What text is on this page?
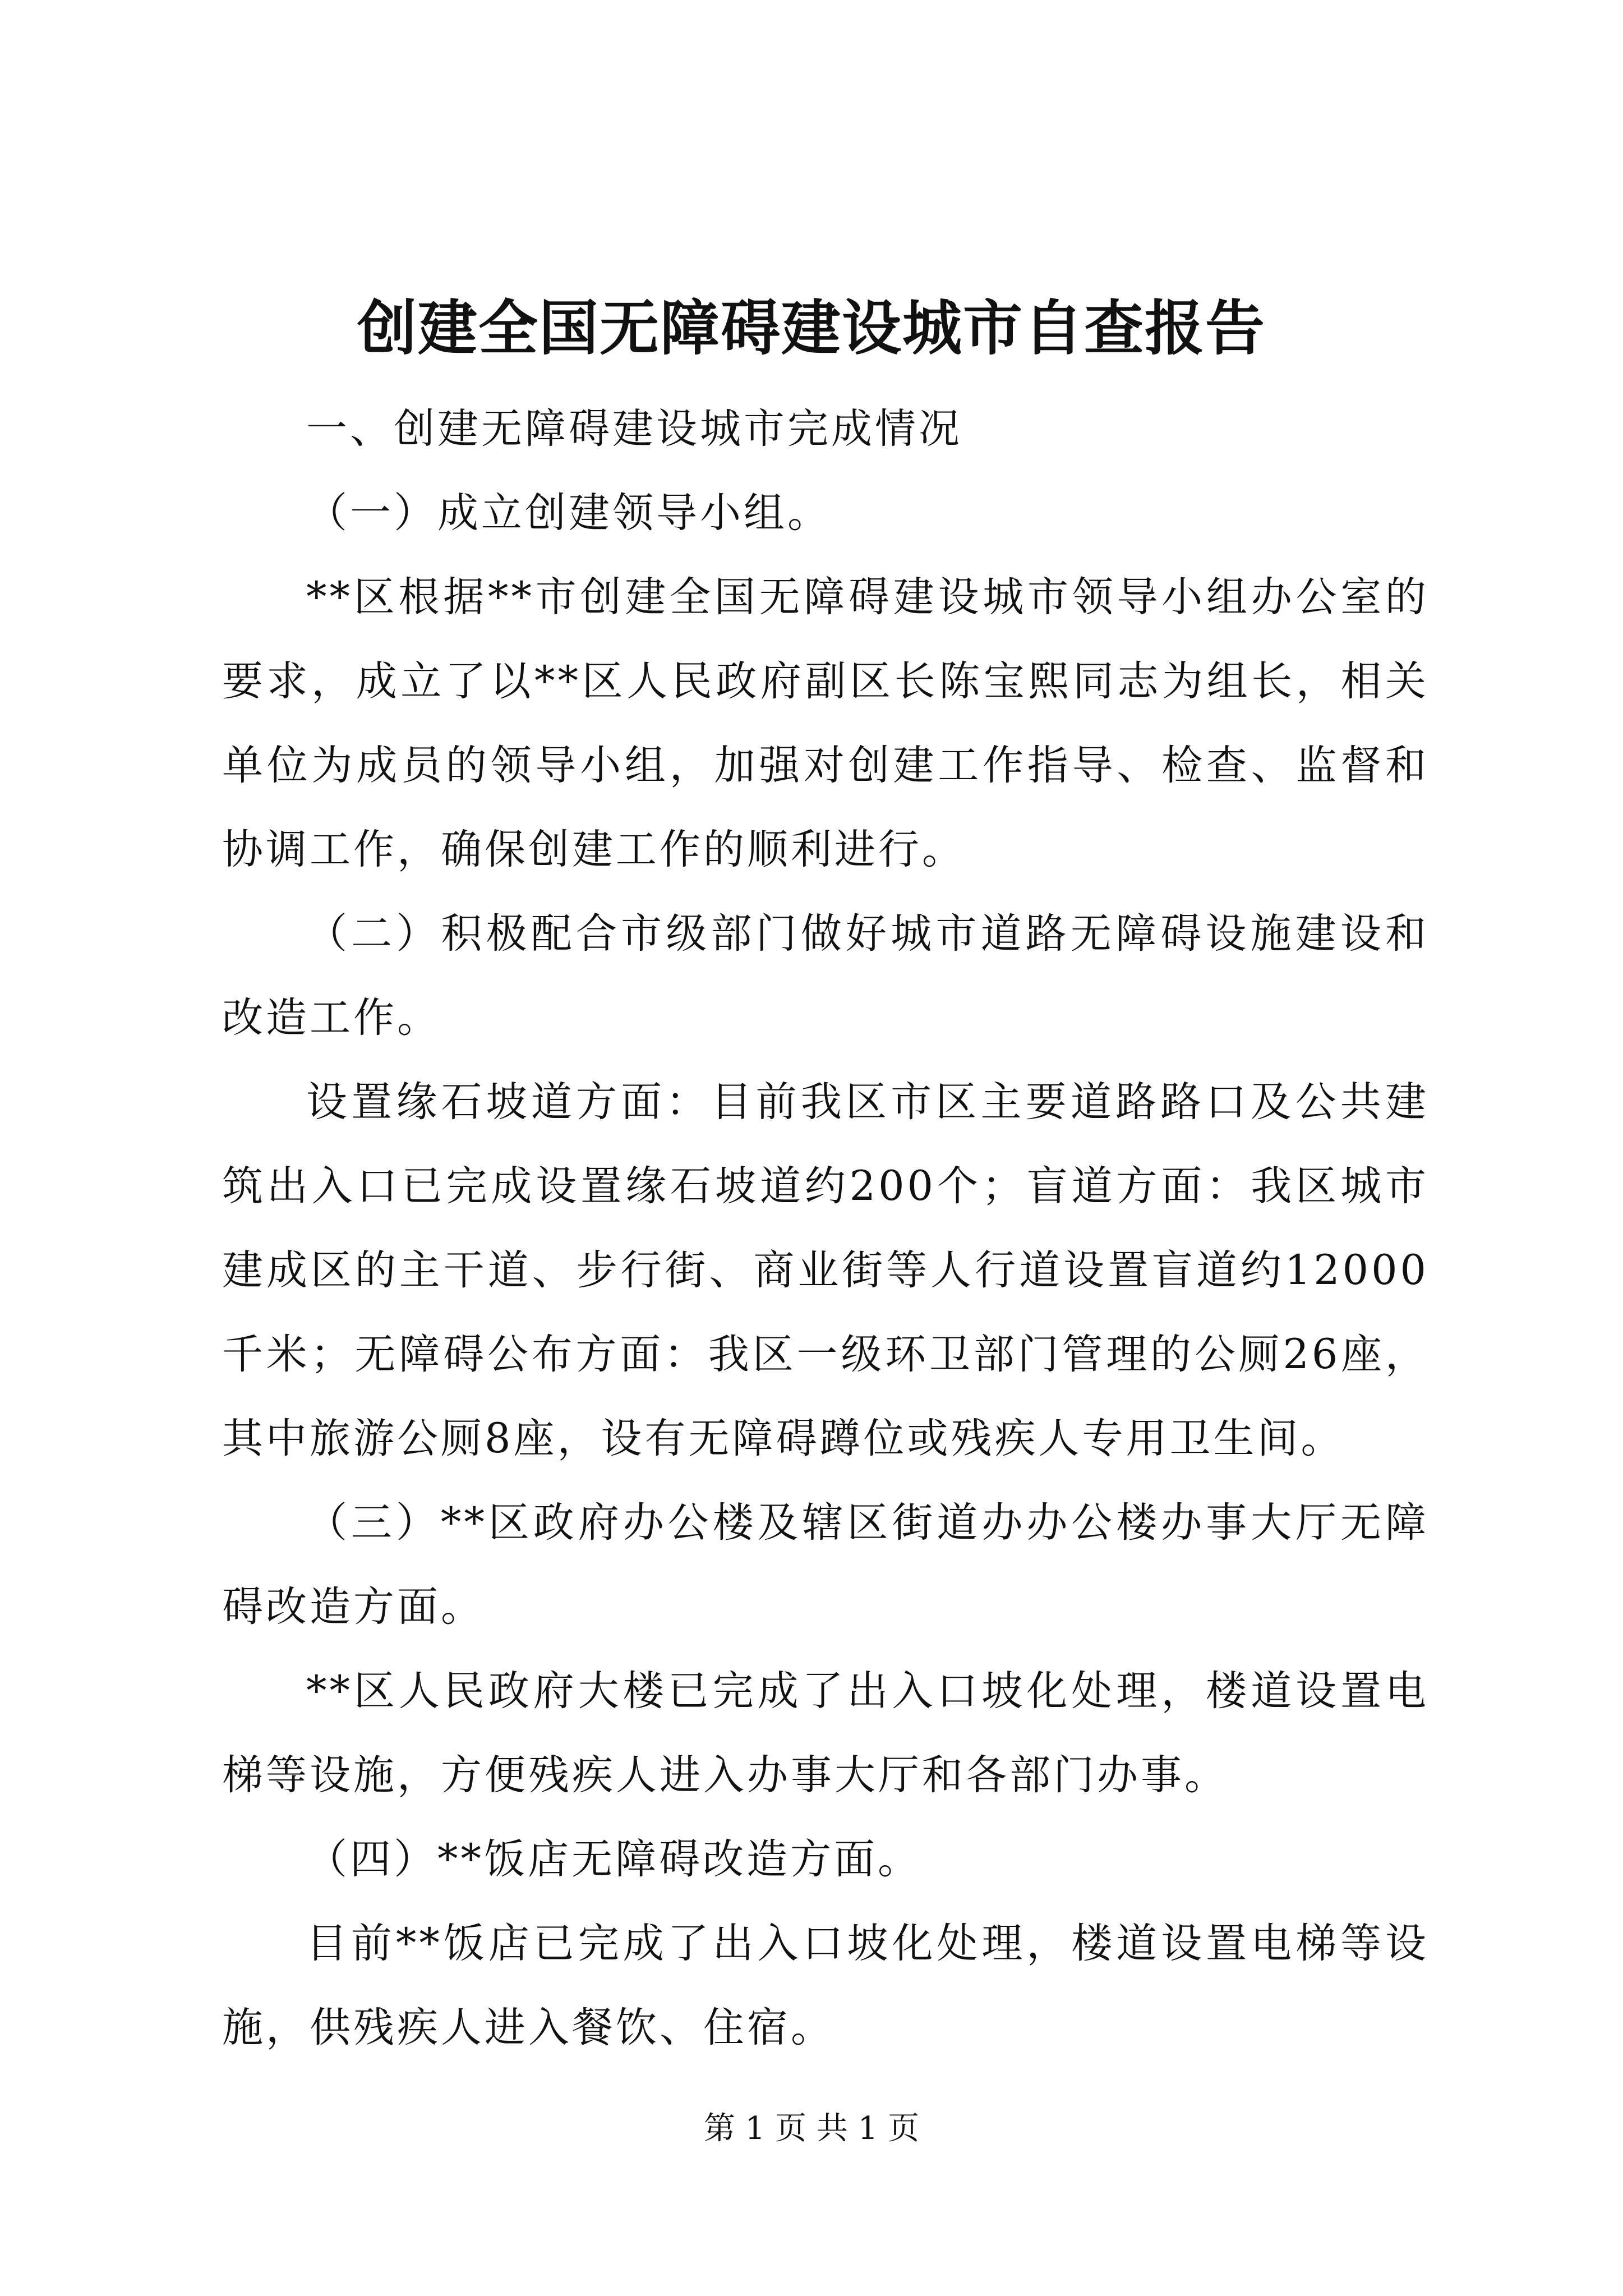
创建全国无障碍建设城市自查报告

一、创建无障碍建设城市完成情况

（一）成立创建领导小组。

**区根据**市创建全国无障碍建设城市领导小组办公室的要求，成立了以**区人民政府副区长陈宝熙同志为组长，相关单位为成员的领导小组，加强对创建工作指导、检查、监督和协调工作，确保创建工作的顺利进行。

（二）积极配合市级部门做好城市道路无障碍设施建设和改造工作。

设置缘石坡道方面：目前我区市区主要道路路口及公共建筑出入口已完成设置缘石坡道约200个；盲道方面：我区城市建成区的主干道、步行街、商业街等人行道设置盲道约12000千米；无障碍公布方面：我区一级环卫部门管理的公厕26座，其中旅游公厕8座，设有无障碍蹲位或残疾人专用卫生间。

（三）**区政府办公楼及辖区街道办办公楼办事大厅无障碍改造方面。

**区人民政府大楼已完成了出入口坡化处理，楼道设置电梯等设施，方便残疾人进入办事大厅和各部门办事。

（四）**饭店无障碍改造方面。

目前**饭店已完成了出入口坡化处理，楼道设置电梯等设施，供残疾人进入餐饮、住宿。

第 1 页 共 1 页
